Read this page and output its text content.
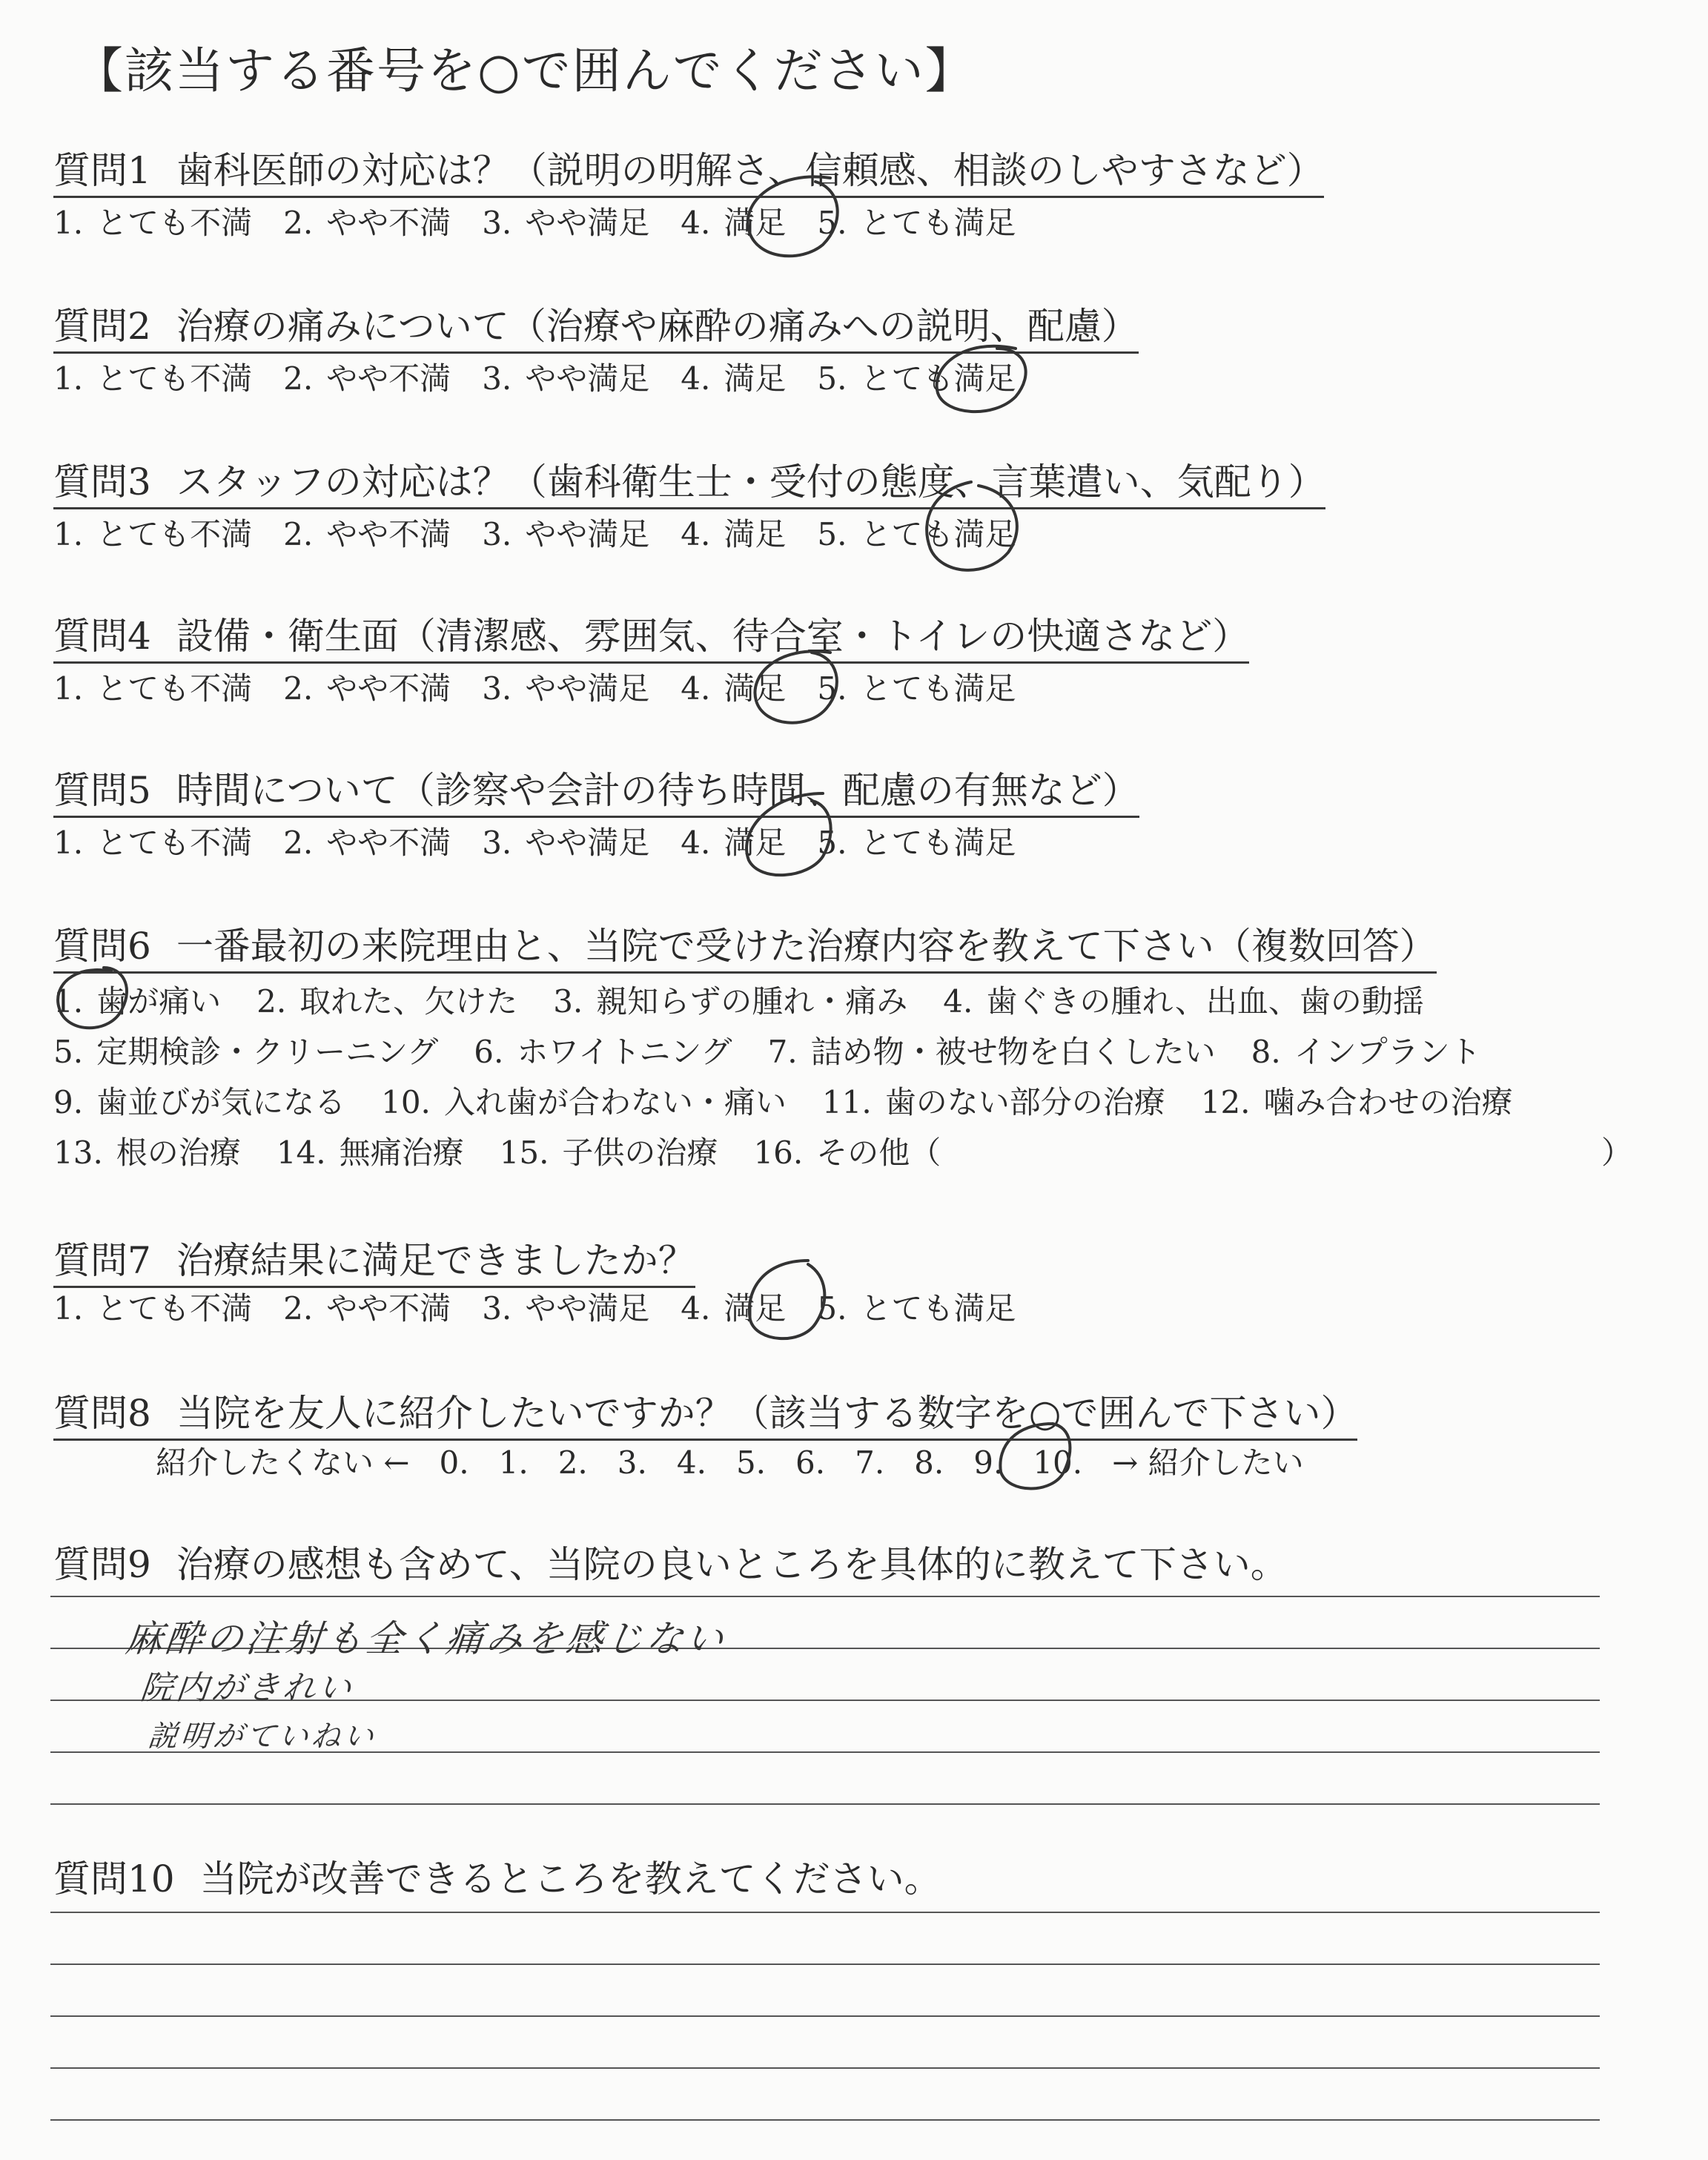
【該当する番号を○で囲んでください】
質問1 歯科医師の対応は？（説明の明解さ、信頼感、相談のしやすさなど）
1. とても不満 2. やや不満 3. やや満足 4. 満足 5. とても満足
質問2 治療の痛みについて（治療や麻酔の痛みへの説明、配慮）
1. とても不満 2. やや不満 3. やや満足 4. 満足 5. とても満足
質問3 スタッフの対応は？（歯科衛生士・受付の態度、言葉遣い、気配り）
1. とても不満 2. やや不満 3. やや満足 4. 満足 5. とても満足
質問4 設備・衛生面（清潔感、雰囲気、待合室・トイレの快適さなど）
1. とても不満 2. やや不満 3. やや満足 4. 満足 5. とても満足
質問5 時間について（診察や会計の待ち時間、配慮の有無など）
1. とても不満 2. やや不満 3. やや満足 4. 満足 5. とても満足
質問6 一番最初の来院理由と、当院で受けた治療内容を教えて下さい（複数回答）
1. 歯が痛い 2. 取れた、欠けた 3. 親知らずの腫れ・痛み 4. 歯ぐきの腫れ、出血、歯の動揺
5. 定期検診・クリーニング 6. ホワイトニング 7. 詰め物・被せ物を白くしたい 8. インプラント
9. 歯並びが気になる 10. 入れ歯が合わない・痛い 11. 歯のない部分の治療 12. 噛み合わせの治療
13. 根の治療 14. 無痛治療 15. 子供の治療 16. その他（	）
質問7 治療結果に満足できましたか？
1. とても不満 2. やや不満 3. やや満足 4. 満足 5. とても満足
質問8 当院を友人に紹介したいですか？（該当する数字を○で囲んで下さい）
紹介したくない ← 0. 1. 2. 3. 4. 5. 6. 7. 8. 9. 10. → 紹介したい
質問9 治療の感想も含めて、当院の良いところを具体的に教えて下さい。
麻酔の注射も全く痛みを感じない
院内がきれい
説明がていねい
質問10 当院が改善できるところを教えてください。
